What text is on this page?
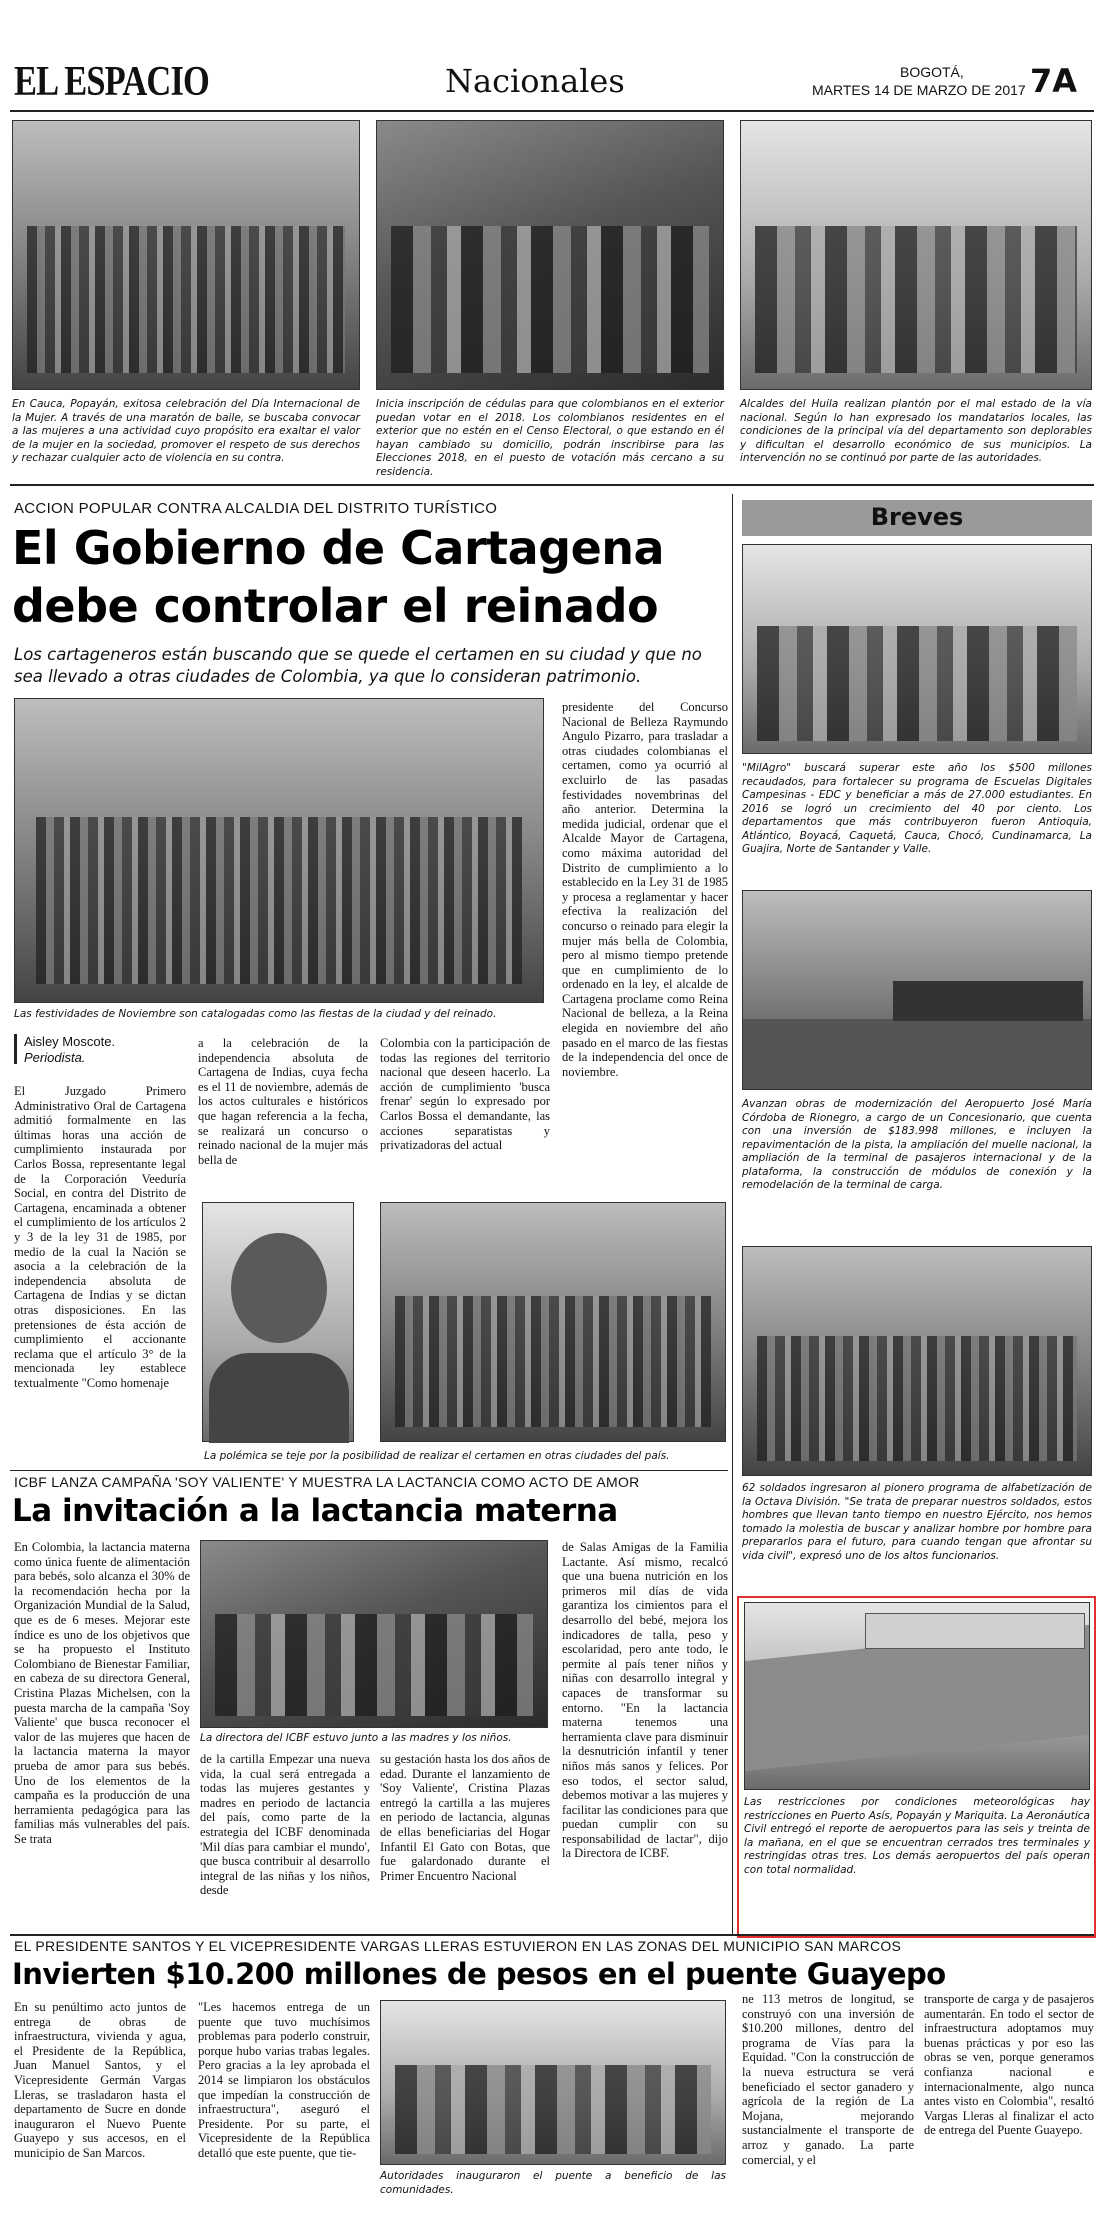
EL ESPACIO	Nacionales	BOGOTÁ,
MARTES 14 DE MARZO DE 2017 7A
En Cauca, Popayán, exitosa celebración del Día Internacional de la Mujer. A través de una maratón de baile, se buscaba convocar a las mujeres a una actividad cuyo propósito era exaltar el valor de la mujer en la sociedad, promover el respeto de sus derechos y rechazar cualquier acto de violencia en su contra.
Inicia inscripción de cédulas para que colombianos en el exterior puedan votar en el 2018. Los colombianos residentes en el exterior que no estén en el Censo Electoral, o que estando en él hayan cambiado su domicilio, podrán inscribirse para las Elecciones 2018, en el puesto de votación más cercano a su residencia.
Alcaldes del Huila realizan plantón por el mal estado de la vía nacional. Según lo han expresado los mandatarios locales, las condiciones de la principal vía del departamento son deplorables y dificultan el desarrollo económico de sus municipios. La intervención no se continuó por parte de las autoridades.
ACCION POPULAR CONTRA ALCALDIA DEL DISTRITO TURÍSTICO
El Gobierno de Cartagena
debe controlar el reinado
Los cartageneros están buscando que se quede el certamen en su ciudad y que no sea llevado a otras ciudades de Colombia, ya que lo consideran patrimonio.
Las festividades de Noviembre son catalogadas como las fiestas de la ciudad y del reinado.
Aisley Moscote.
Periodista.
El Juzgado Primero Administrativo Oral de Cartagena admitió formalmente en las últimas horas una acción de cumplimiento instaurada por Carlos Bossa, representante legal de la Corporación Veeduría Social, en contra del Distrito de Cartagena, encaminada a obtener el cumplimiento de los artículos 2 y 3 de la ley 31 de 1985, por medio de la cual la Nación se asocia a la celebración de la independencia absoluta de Cartagena de Indias y se dictan otras disposiciones. En las pretensiones de ésta acción de cumplimiento el accionante reclama que el artículo 3° de la mencionada ley establece textualmente "Como homenaje
a la celebración de la independencia absoluta de Cartagena de Indias, cuya fecha es el 11 de noviembre, además de los actos culturales e históricos que hagan referencia a la fecha, se realizará un concurso o reinado nacional de la mujer más bella de
Colombia con la participación de todas las regiones del territorio nacional que deseen hacerlo. La acción de cumplimiento 'busca frenar' según lo expresado por Carlos Bossa el demandante, las acciones separatistas y privatizadoras del actual
presidente del Concurso Nacional de Belleza Raymundo Angulo Pizarro, para trasladar a otras ciudades colombianas el certamen, como ya ocurrió al excluirlo de las pasadas festividades novembrinas del año anterior. Determina la medida judicial, ordenar que el Alcalde Mayor de Cartagena, como máxima autoridad del Distrito de cumplimiento a lo establecido en la Ley 31 de 1985 y procesa a reglamentar y hacer efectiva la realización del concurso o reinado para elegir la mujer más bella de Colombia, pero al mismo tiempo pretende que en cumplimiento de lo ordenado en la ley, el alcalde de Cartagena proclame como Reina Nacional de belleza, a la Reina elegida en noviembre del año pasado en el marco de las fiestas de la independencia del once de noviembre.
La polémica se teje por la posibilidad de realizar el certamen en otras ciudades del país.
ICBF LANZA CAMPAÑA 'SOY VALIENTE' Y MUESTRA LA LACTANCIA COMO ACTO DE AMOR
La invitación a la lactancia materna
En Colombia, la lactancia materna como única fuente de alimentación para bebés, solo alcanza el 30% de la recomendación hecha por la Organización Mundial de la Salud, que es de 6 meses. Mejorar este índice es uno de los objetivos que se ha propuesto el Instituto Colombiano de Bienestar Familiar, en cabeza de su directora General, Cristina Plazas Michelsen, con la puesta marcha de la campaña 'Soy Valiente' que busca reconocer el valor de las mujeres que hacen de la lactancia materna la mayor prueba de amor para sus bebés. Uno de los elementos de la campaña es la producción de una herramienta pedagógica para las familias más vulnerables del país. Se trata
La directora del ICBF estuvo junto a las madres y los niños.
de la cartilla Empezar una nueva vida, la cual será entregada a todas las mujeres gestantes y madres en periodo de lactancia del país, como parte de la estrategia del ICBF denominada 'Mil días para cambiar el mundo', que busca contribuir al desarrollo integral de las niñas y los niños, desde
su gestación hasta los dos años de edad. Durante el lanzamiento de 'Soy Valiente', Cristina Plazas entregó la cartilla a las mujeres en periodo de lactancia, algunas de ellas beneficiarias del Hogar Infantil El Gato con Botas, que fue galardonado durante el Primer Encuentro Nacional
de Salas Amigas de la Familia Lactante. Así mismo, recalcó que una buena nutrición en los primeros mil días de vida garantiza los cimientos para el desarrollo del bebé, mejora los indicadores de talla, peso y escolaridad, pero ante todo, le permite al país tener niños y niñas con desarrollo integral y capaces de transformar su entorno. "En la lactancia materna tenemos una herramienta clave para disminuir la desnutrición infantil y tener niños más sanos y felices. Por eso todos, el sector salud, debemos motivar a las mujeres y facilitar las condiciones para que puedan cumplir con su responsabilidad de lactar", dijo la Directora de ICBF.
Breves
"MilAgro" buscará superar este año los $500 millones recaudados, para fortalecer su programa de Escuelas Digitales Campesinas - EDC y beneficiar a más de 27.000 estudiantes. En 2016 se logró un crecimiento del 40 por ciento. Los departamentos que más contribuyeron fueron Antioquia, Atlántico, Boyacá, Caquetá, Cauca, Chocó, Cundinamarca, La Guajira, Norte de Santander y Valle.
Avanzan obras de modernización del Aeropuerto José María Córdoba de Rionegro, a cargo de un Concesionario, que cuenta con una inversión de $183.998 millones, e incluyen la repavimentación de la pista, la ampliación del muelle nacional, la ampliación de la terminal de pasajeros internacional y de la plataforma, la construcción de módulos de conexión y la remodelación de la terminal de carga.
62 soldados ingresaron al pionero programa de alfabetización de la Octava División. "Se trata de preparar nuestros soldados, estos hombres que llevan tanto tiempo en nuestro Ejército, nos hemos tomado la molestia de buscar y analizar hombre por hombre para prepararlos para el futuro, para cuando tengan que afrontar su vida civil", expresó uno de los altos funcionarios.
Las restricciones por condiciones meteorológicas hay restricciones en Puerto Asís, Popayán y Mariquita. La Aeronáutica Civil entregó el reporte de aeropuertos para las seis y treinta de la mañana, en el que se encuentran cerrados tres terminales y restringidas otras tres. Los demás aeropuertos del país operan con total normalidad.
EL PRESIDENTE SANTOS Y EL VICEPRESIDENTE VARGAS LLERAS ESTUVIERON EN LAS ZONAS DEL MUNICIPIO SAN MARCOS
Invierten $10.200 millones de pesos en el puente Guayepo
En su penúltimo acto juntos de entrega de obras de infraestructura, vivienda y agua, el Presidente de la República, Juan Manuel Santos, y el Vicepresidente Germán Vargas Lleras, se trasladaron hasta el departamento de Sucre en donde inauguraron el Nuevo Puente Guayepo y sus accesos, en el municipio de San Marcos.
"Les hacemos entrega de un puente que tuvo muchísimos problemas para poderlo construir, porque hubo varias trabas legales. Pero gracias a la ley aprobada el 2014 se limpiaron los obstáculos que impedían la construcción de infraestructura", aseguró el Presidente. Por su parte, el Vicepresidente de la República detalló que este puente, que tie-
Autoridades inauguraron el puente a beneficio de las comunidades.
ne 113 metros de longitud, se construyó con una inversión de $10.200 millones, dentro del programa de Vías para la Equidad. "Con la construcción de la nueva estructura se verá beneficiado el sector ganadero y agrícola de la región de La Mojana, mejorando sustancialmente el transporte de arroz y ganado. La parte comercial, y el
transporte de carga y de pasajeros aumentarán. En todo el sector de infraestructura adoptamos muy buenas prácticas y por eso las obras se ven, porque generamos confianza nacional e internacionalmente, algo nunca antes visto en Colombia", resaltó Vargas Lleras al finalizar el acto de entrega del Puente Guayepo.
